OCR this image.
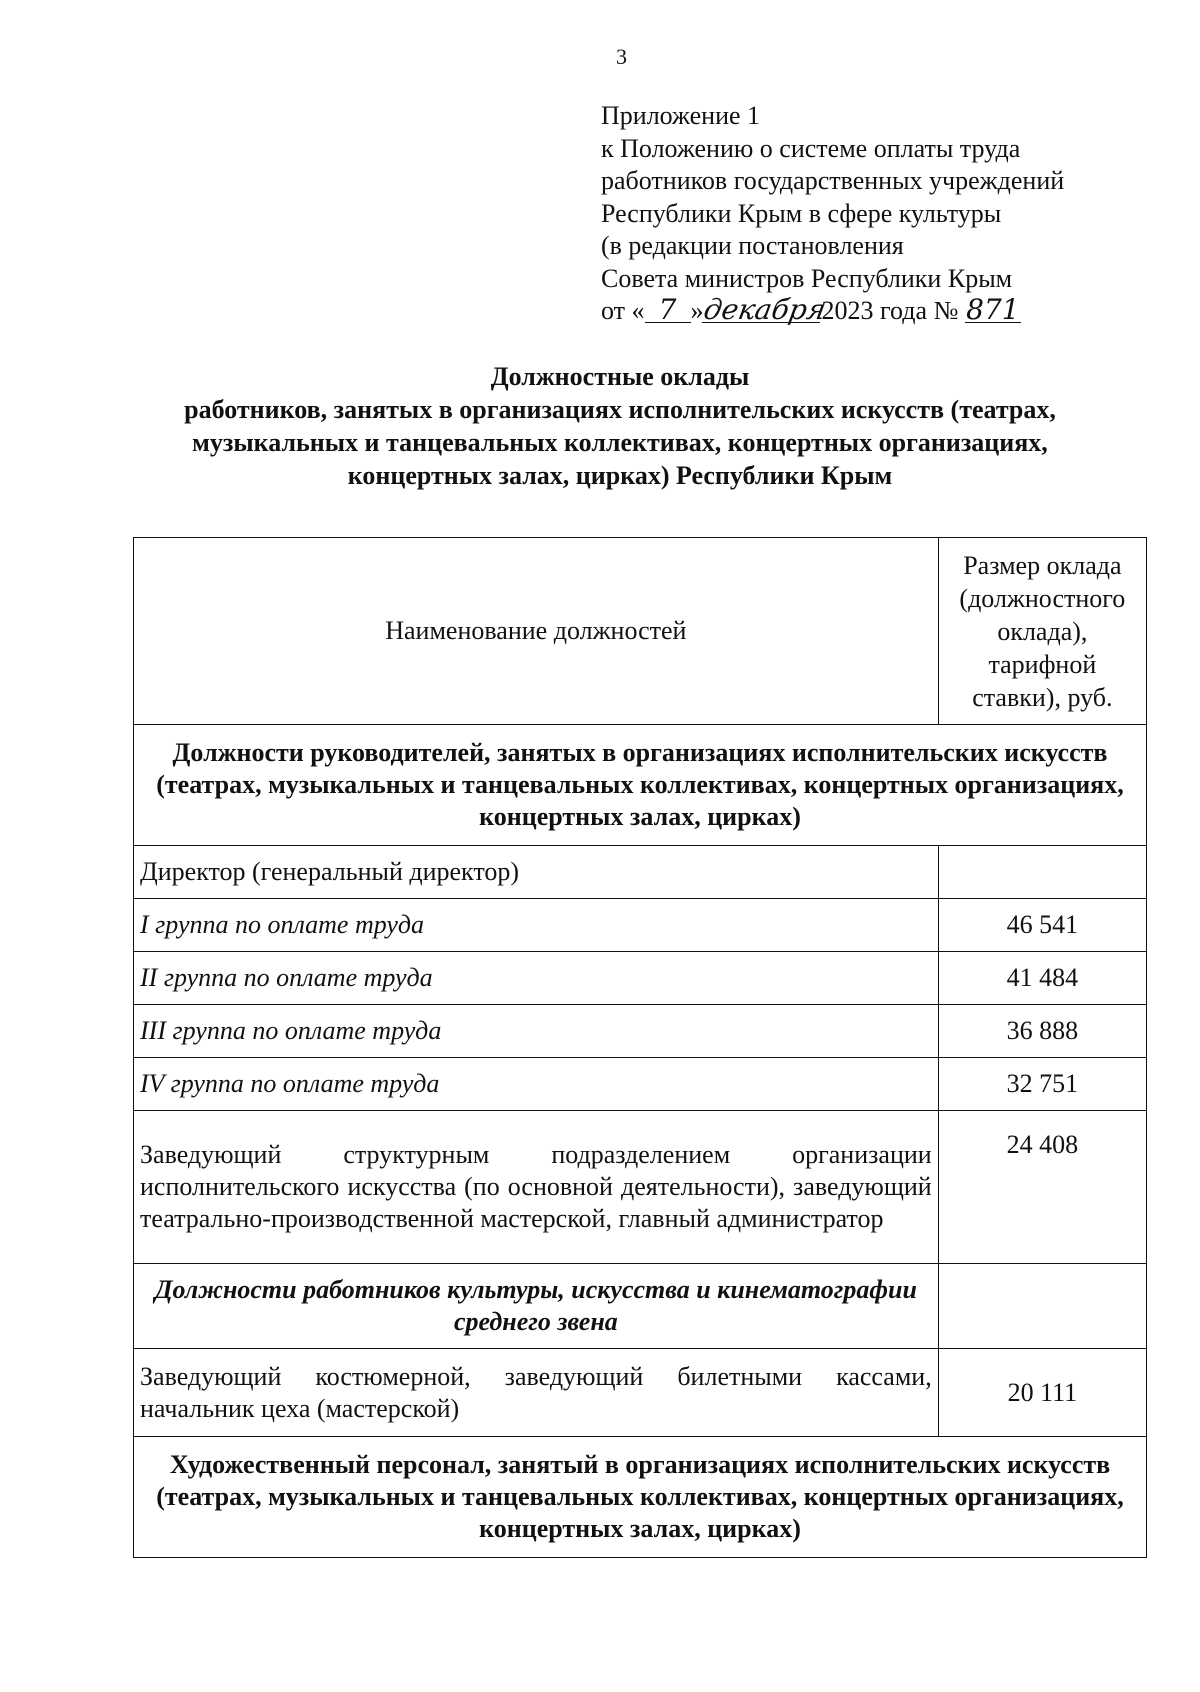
3
Приложение 1
к Положению о системе оплаты труда
работников государственных учреждений
Республики Крым в сфере культуры
(в редакции постановления
Совета министров Республики Крым
от « 7 »декабря2023 года № 871
Должностные оклады
работников, занятых в организациях исполнительских искусств (театрах,
музыкальных и танцевальных коллективах, концертных организациях,
концертных залах, цирках) Республики Крым
Наименование должностей	Размер оклада (должностного оклада), тарифной ставки), руб.
Должности руководителей, занятых в организациях исполнительских искусств (театрах, музыкальных и танцевальных коллективах, концертных организациях, концертных залах, цирках)	
Директор (генеральный директор)	
I группа по оплате труда	46 541
II группа по оплате труда	41 484
III группа по оплате труда	36 888
IV группа по оплате труда	32 751
Заведующий структурным подразделением организации исполнительского искусства (по основной деятельности), заведующий театрально-производственной мастерской, главный администратор	24 408
Должности работников культуры, искусства и кинематографии среднего звена	
Заведующий костюмерной, заведующий билетными кассами, начальник цеха (мастерской)	20 111
Художественный персонал, занятый в организациях исполнительских искусств (театрах, музыкальных и танцевальных коллективах, концертных организациях, концертных залах, цирках)	
